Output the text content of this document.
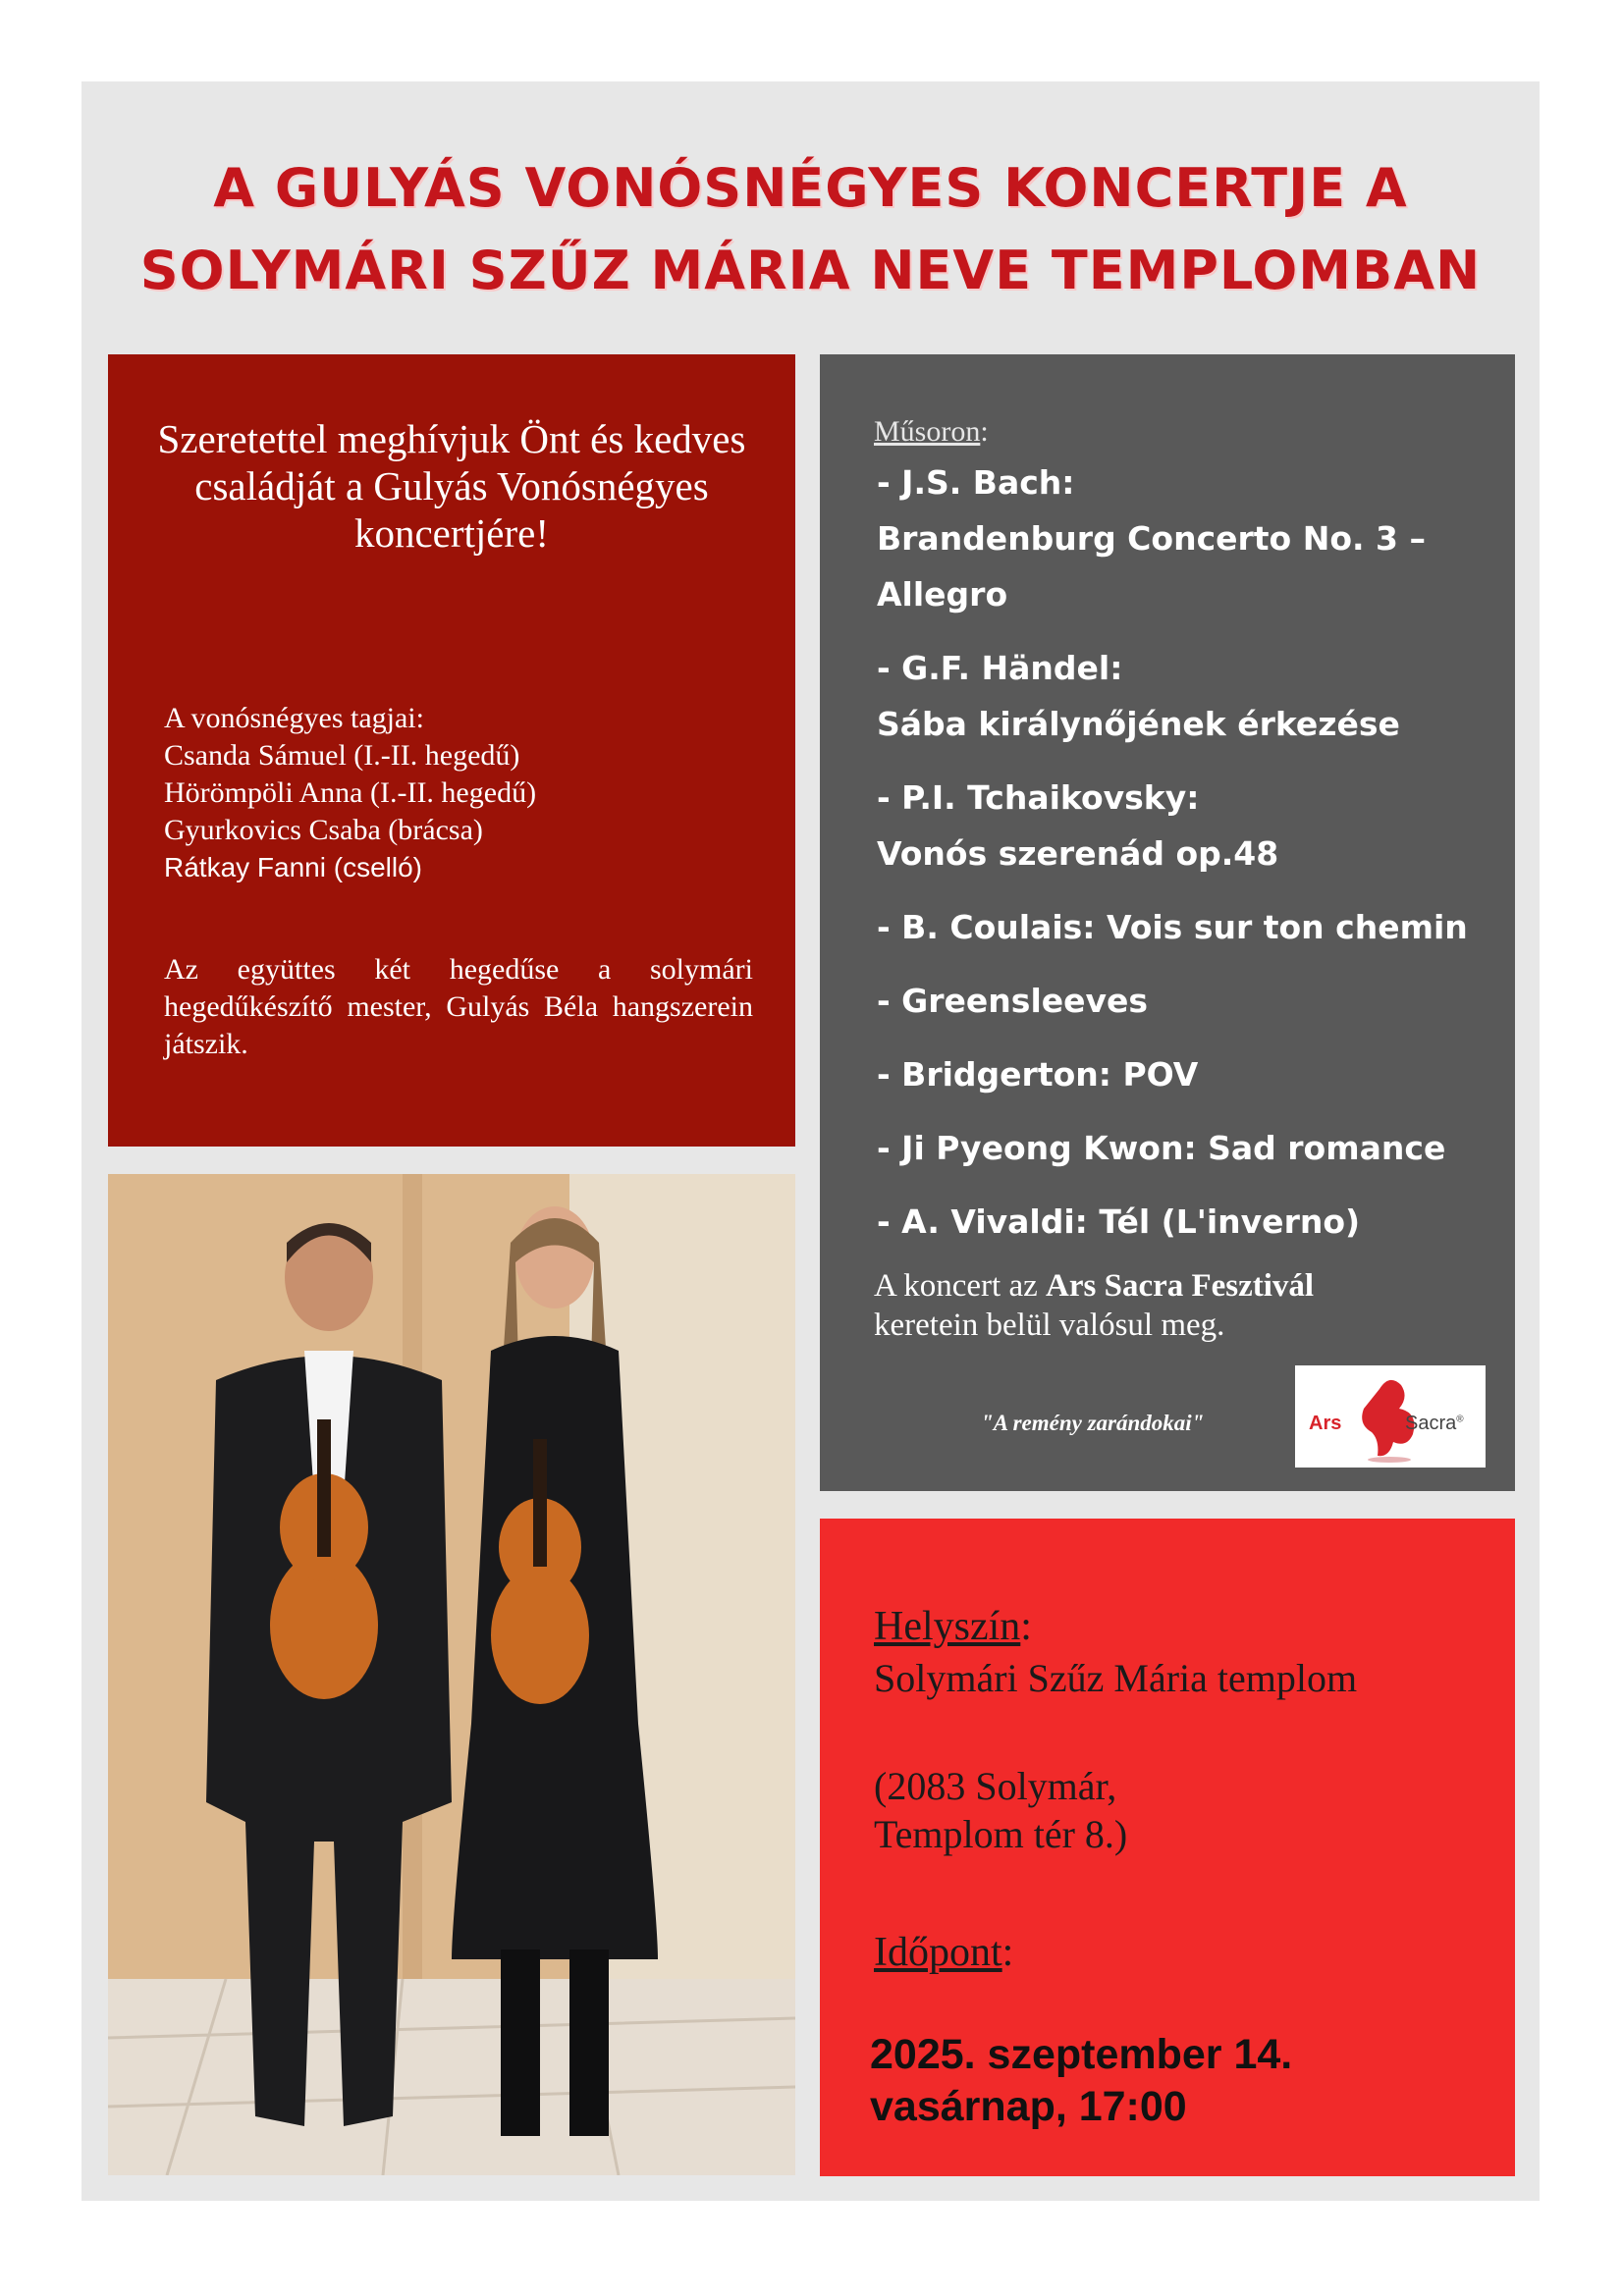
A GULYÁS VONÓSNÉGYES KONCERTJE A
SOLYMÁRI SZŰZ MÁRIA NEVE TEMPLOMBAN
Szeretettel meghívjuk Önt és kedves családját a Gulyás Vonósnégyes koncertjére!
A vonósnégyes tagjai:
Csanda Sámuel (I.-II. hegedű)
Hörömpöli Anna (I.-II. hegedű)
Gyurkovics Csaba (brácsa)
Rátkay Fanni (cselló)
Az együttes két hegedűse a solymári hegedűkészítő mester, Gulyás Béla hangszerein játszik.
Műsoron:
- J.S. Bach:
Brandenburg Concerto No. 3 –
Allegro
- G.F. Händel:
Sába királynőjének érkezése
- P.I. Tchaikovsky:
Vonós szerenád op.48
- B. Coulais: Vois sur ton chemin
- Greensleeves
- Bridgerton: POV
- Ji Pyeong Kwon: Sad romance
- A. Vivaldi: Tél (L'inverno)
A koncert az Ars Sacra Fesztivál
keretein belül valósul meg.
"A remény zarándokai"	Ars	Sacra®
Helyszín:
Solymári Szűz Mária templom
(2083 Solymár,
Templom tér 8.)
Időpont:
2025. szeptember 14.
vasárnap, 17:00
